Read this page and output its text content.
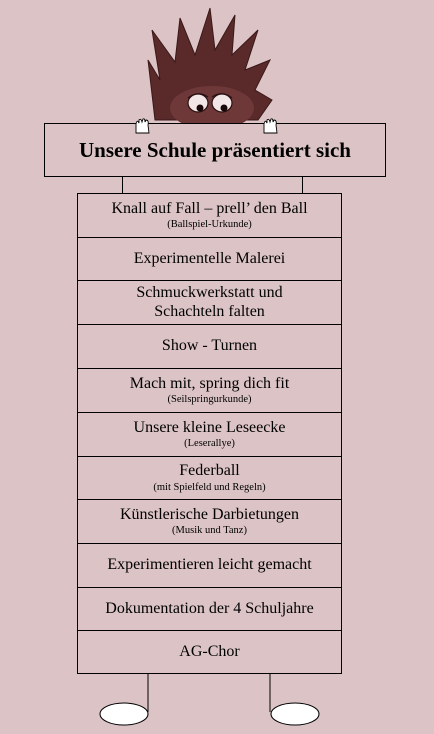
Unsere Schule präsentiert sich
Knall auf Fall – prell’ den Ball
(Ballspiel-Urkunde)
Experimentelle Malerei
Schmuckwerkstatt und
Schachteln falten
Show - Turnen
Mach mit, spring dich fit
(Seilspringurkunde)
Unsere kleine Leseecke
(Leserallye)
Federball
(mit Spielfeld und Regeln)
Künstlerische Darbietungen
(Musik und Tanz)
Experimentieren leicht gemacht
Dokumentation der 4 Schuljahre
AG-Chor
